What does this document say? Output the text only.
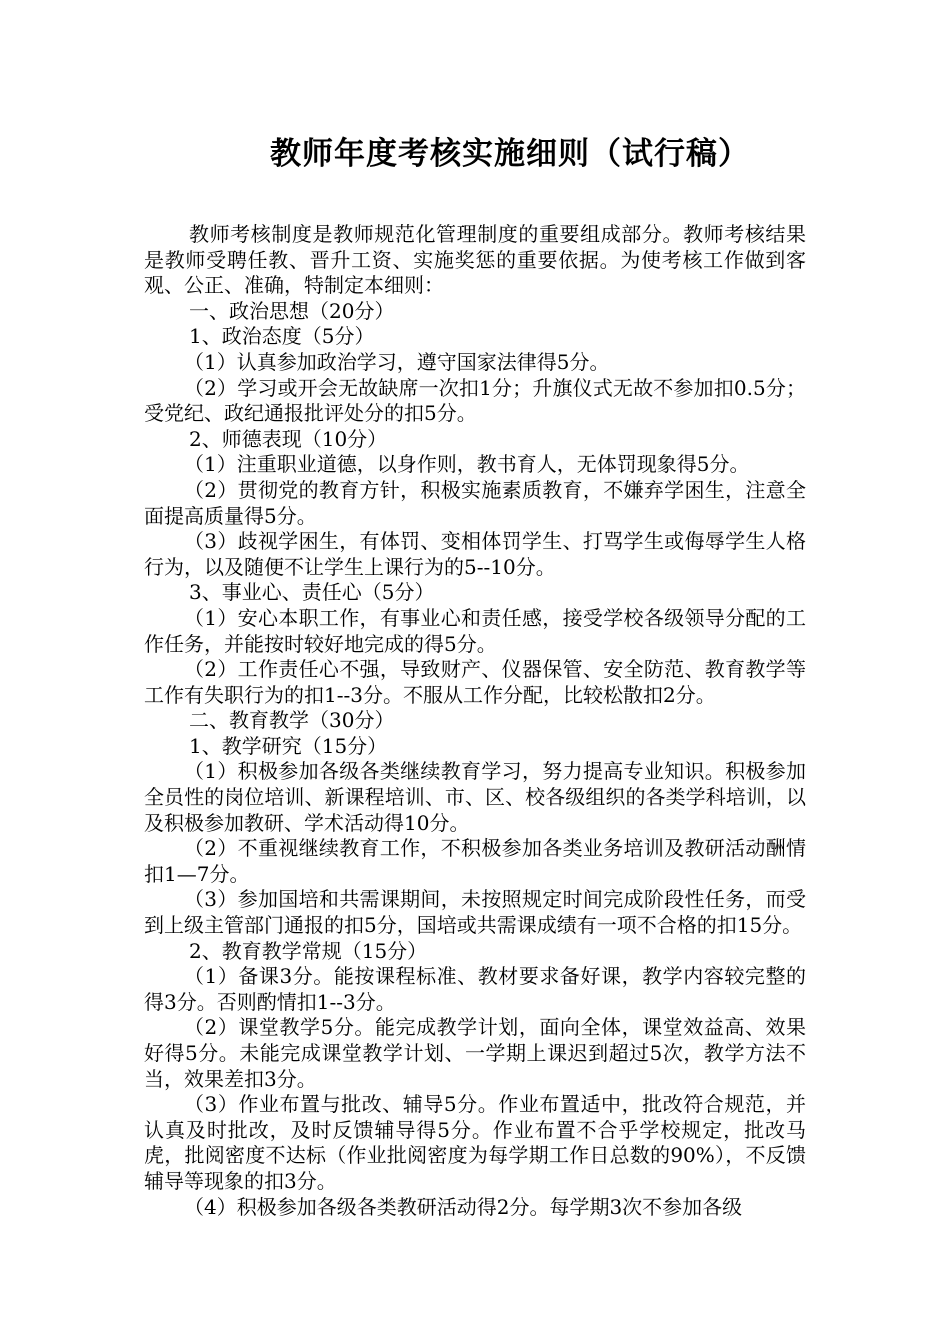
教师年度考核实施细则（试行稿）

教师考核制度是教师规范化管理制度的重要组成部分。教师考核结果是教师受聘任教、晋升工资、实施奖惩的重要依据。为使考核工作做到客观、公正、准确，特制定本细则：

一、政治思想（20分）

1、政治态度（5分）

（1）认真参加政治学习，遵守国家法律得5分。

（2）学习或开会无故缺席一次扣1分；升旗仪式无故不参加扣0.5分；受党纪、政纪通报批评处分的扣5分。

2、师德表现（10分）

（1）注重职业道德，以身作则，教书育人，无体罚现象得5分。

（2）贯彻党的教育方针，积极实施素质教育，不嫌弃学困生，注意全面提高质量得5分。

（3）歧视学困生，有体罚、变相体罚学生、打骂学生或侮辱学生人格行为，以及随便不让学生上课行为的5--10分。

3、事业心、责任心（5分）

（1）安心本职工作，有事业心和责任感，接受学校各级领导分配的工作任务，并能按时较好地完成的得5分。

（2）工作责任心不强，导致财产、仪器保管、安全防范、教育教学等工作有失职行为的扣1--3分。不服从工作分配，比较松散扣2分。

二、教育教学（30分）

1、教学研究（15分）

（1）积极参加各级各类继续教育学习，努力提高专业知识。积极参加全员性的岗位培训、新课程培训、市、区、校各级组织的各类学科培训，以及积极参加教研、学术活动得10分。

（2）不重视继续教育工作，不积极参加各类业务培训及教研活动酬情扣1—7分。

（3）参加国培和共需课期间，未按照规定时间完成阶段性任务，而受到上级主管部门通报的扣5分，国培或共需课成绩有一项不合格的扣15分。

2、教育教学常规（15分）

（1）备课3分。能按课程标准、教材要求备好课，教学内容较完整的得3分。否则酌情扣1--3分。

（2）课堂教学5分。能完成教学计划，面向全体，课堂效益高、效果好得5分。未能完成课堂教学计划、一学期上课迟到超过5次，教学方法不当，效果差扣3分。

（3）作业布置与批改、辅导5分。作业布置适中，批改符合规范，并认真及时批改，及时反馈辅导得5分。作业布置不合乎学校规定，批改马虎，批阅密度不达标（作业批阅密度为每学期工作日总数的90%），不反馈辅导等现象的扣3分。

（4）积极参加各级各类教研活动得2分。每学期3次不参加各级
